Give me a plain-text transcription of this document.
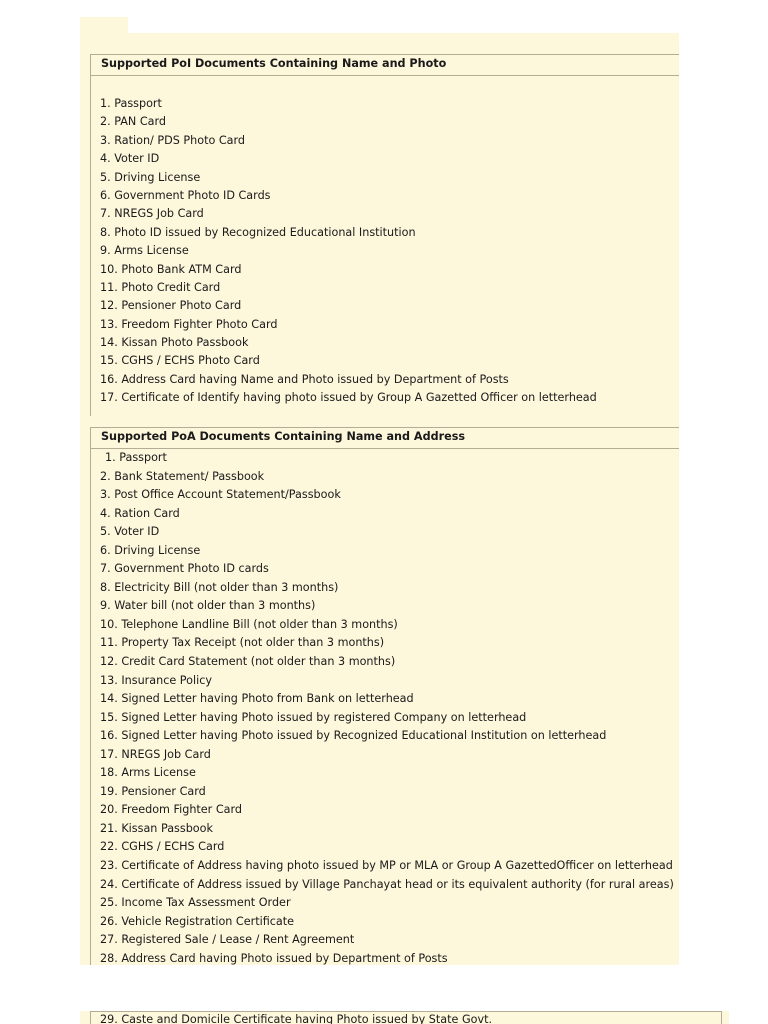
Supported PoI Documents Containing Name and Photo
1. Passport
2. PAN Card
3. Ration/ PDS Photo Card
4. Voter ID
5. Driving License
6. Government Photo ID Cards
7. NREGS Job Card
8. Photo ID issued by Recognized Educational Institution
9. Arms License
10. Photo Bank ATM Card
11. Photo Credit Card
12. Pensioner Photo Card
13. Freedom Fighter Photo Card
14. Kissan Photo Passbook
15. CGHS / ECHS Photo Card
16. Address Card having Name and Photo issued by Department of Posts
17. Certificate of Identify having photo issued by Group A Gazetted Officer on letterhead
Supported PoA Documents Containing Name and Address
1. Passport
2. Bank Statement/ Passbook
3. Post Office Account Statement/Passbook
4. Ration Card
5. Voter ID
6. Driving License
7. Government Photo ID cards
8. Electricity Bill (not older than 3 months)
9. Water bill (not older than 3 months)
10. Telephone Landline Bill (not older than 3 months)
11. Property Tax Receipt (not older than 3 months)
12. Credit Card Statement (not older than 3 months)
13. Insurance Policy
14. Signed Letter having Photo from Bank on letterhead
15. Signed Letter having Photo issued by registered Company on letterhead
16. Signed Letter having Photo issued by Recognized Educational Institution on letterhead
17. NREGS Job Card
18. Arms License
19. Pensioner Card
20. Freedom Fighter Card
21. Kissan Passbook
22. CGHS / ECHS Card
23. Certificate of Address having photo issued by MP or MLA or Group A GazettedOfficer on letterhead
24. Certificate of Address issued by Village Panchayat head or its equivalent authority (for rural areas)
25. Income Tax Assessment Order
26. Vehicle Registration Certificate
27. Registered Sale / Lease / Rent Agreement
28. Address Card having Photo issued by Department of Posts
29. Caste and Domicile Certificate having Photo issued by State Govt.
